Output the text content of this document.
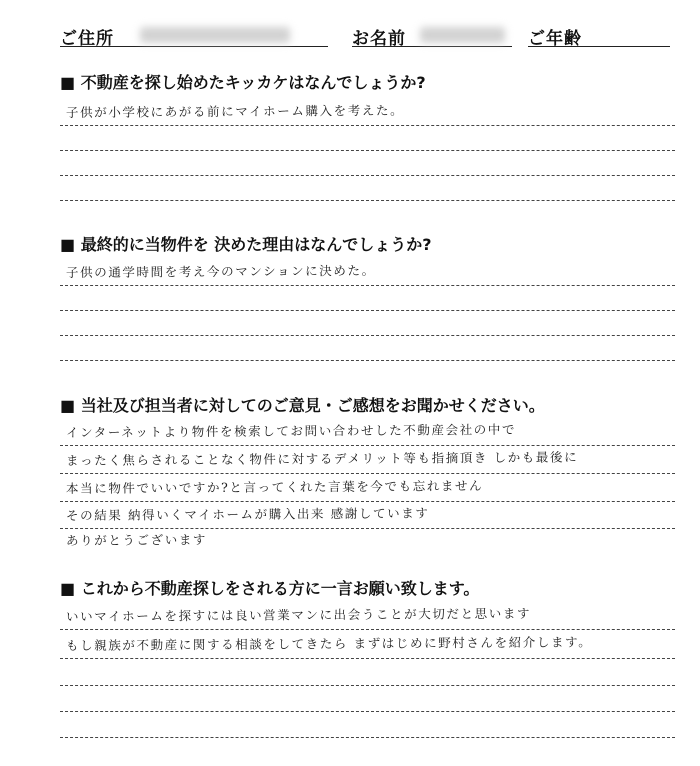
ご住所	お名前	ご年齢
■ 不動産を探し始めたキッカケはなんでしょうか?
子供が小学校にあがる前にマイホーム購入を考えた。
■ 最終的に当物件を 決めた理由はなんでしょうか?
子供の通学時間を考え今のマンションに決めた。
■ 当社及び担当者に対してのご意見・ご感想をお聞かせください。
インターネットより物件を検索してお問い合わせした不動産会社の中で
まったく焦らされることなく物件に対するデメリット等も指摘頂き しかも最後に
本当に物件でいいですか?と言ってくれた言葉を今でも忘れません
その結果 納得いくマイホームが購入出来 感謝しています
ありがとうございます
■ これから不動産探しをされる方に一言お願い致します。
いいマイホームを探すには良い営業マンに出会うことが大切だと思います
もし親族が不動産に関する相談をしてきたら まずはじめに野村さんを紹介します。
